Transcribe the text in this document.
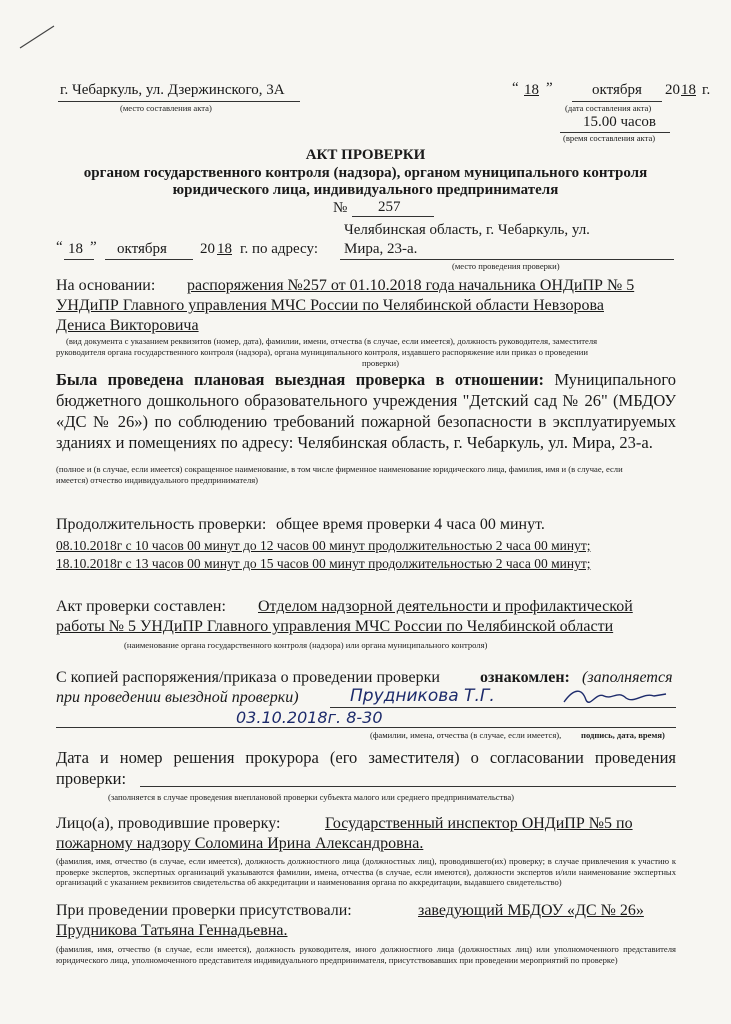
г. Чебаркуль, ул. Дзержинского, 3А
(место составления акта)
“ 18 ”	октября 20 18 г.
(дата составления акта)
15.00 часов
(время составления акта)
АКТ ПРОВЕРКИ
органом государственного контроля (надзора), органом муниципального контроля
юридического лица, индивидуального предпринимателя
№ 257
Челябинская область, г. Чебаркуль, ул.
“ 18 ” октября 20 18 г. по адресу: Мира, 23-а.
(место проведения проверки)
На основании: распоряжения №257 от 01.10.2018 года начальника ОНДиПР № 5
УНДиПР Главного управления МЧС России по Челябинской области Невзорова
Дениса Викторовича
(вид документа с указанием реквизитов (номер, дата), фамилии, имени, отчества (в случае, если имеется), должность руководителя, заместителя
руководителя органа государственного контроля (надзора), органа муниципального контроля, издавшего распоряжение или приказ о проведении
проверки)
Была проведена плановая выездная проверка в отношении: Муниципального бюджетного дошкольного образовательного учреждения "Детский сад № 26" (МБДОУ «ДС № 26») по соблюдению требований пожарной безопасности в эксплуатируемых зданиях и помещениях по адресу: Челябинская область, г. Чебаркуль, ул. Мира, 23-а.
(полное и (в случае, если имеется) сокращенное наименование, в том числе фирменное наименование юридического лица, фамилия, имя и (в случае, если имеется) отчество индивидуального предпринимателя)
Продолжительность проверки: общее время проверки 4 часа 00 минут.
08.10.2018г с 10 часов 00 минут до 12 часов 00 минут продолжительностью 2 часа 00 минут;
18.10.2018г с 13 часов 00 минут до 15 часов 00 минут продолжительностью 2 часа 00 минут;
Акт проверки составлен: Отделом надзорной деятельности и профилактической
работы № 5 УНДиПР Главного управления МЧС России по Челябинской области
(наименование органа государственного контроля (надзора) или органа муниципального контроля)
С копией распоряжения/приказа о проведении проверки	ознакомлен: (заполняется
при проведении выездной проверки)	Прудникова Т.Г.
03.10.2018г. 8-30
(фамилии, имена, отчества (в случае, если имеется), подпись, дата, время)
Дата и номер решения прокурора (его заместителя) о согласовании проведения проверки:
(заполняется в случае проведения внеплановой проверки субъекта малого или среднего предпринимательства)
Лицо(а), проводившие проверку:	Государственный инспектор ОНДиПР №5 по
пожарному надзору Соломина Ирина Александровна.
(фамилия, имя, отчество (в случае, если имеется), должность должностного лица (должностных лиц), проводившего(их) проверку; в случае привлечения к участию к проверке экспертов, экспертных организаций указываются фамилии, имена, отчества (в случае, если имеются), должности экспертов и/или наименование экспертных организаций с указанием реквизитов свидетельства об аккредитации и наименования органа по аккредитации, выдавшего свидетельство)
При проведении проверки присутствовали:	заведующий МБДОУ «ДС № 26»
Прудникова Татьяна Геннадьевна.
(фамилия, имя, отчество (в случае, если имеется), должность руководителя, иного должностного лица (должностных лиц) или уполномоченного представителя юридического лица, уполномоченного представителя индивидуального предпринимателя, присутствовавших при проведении мероприятий по проверке)
